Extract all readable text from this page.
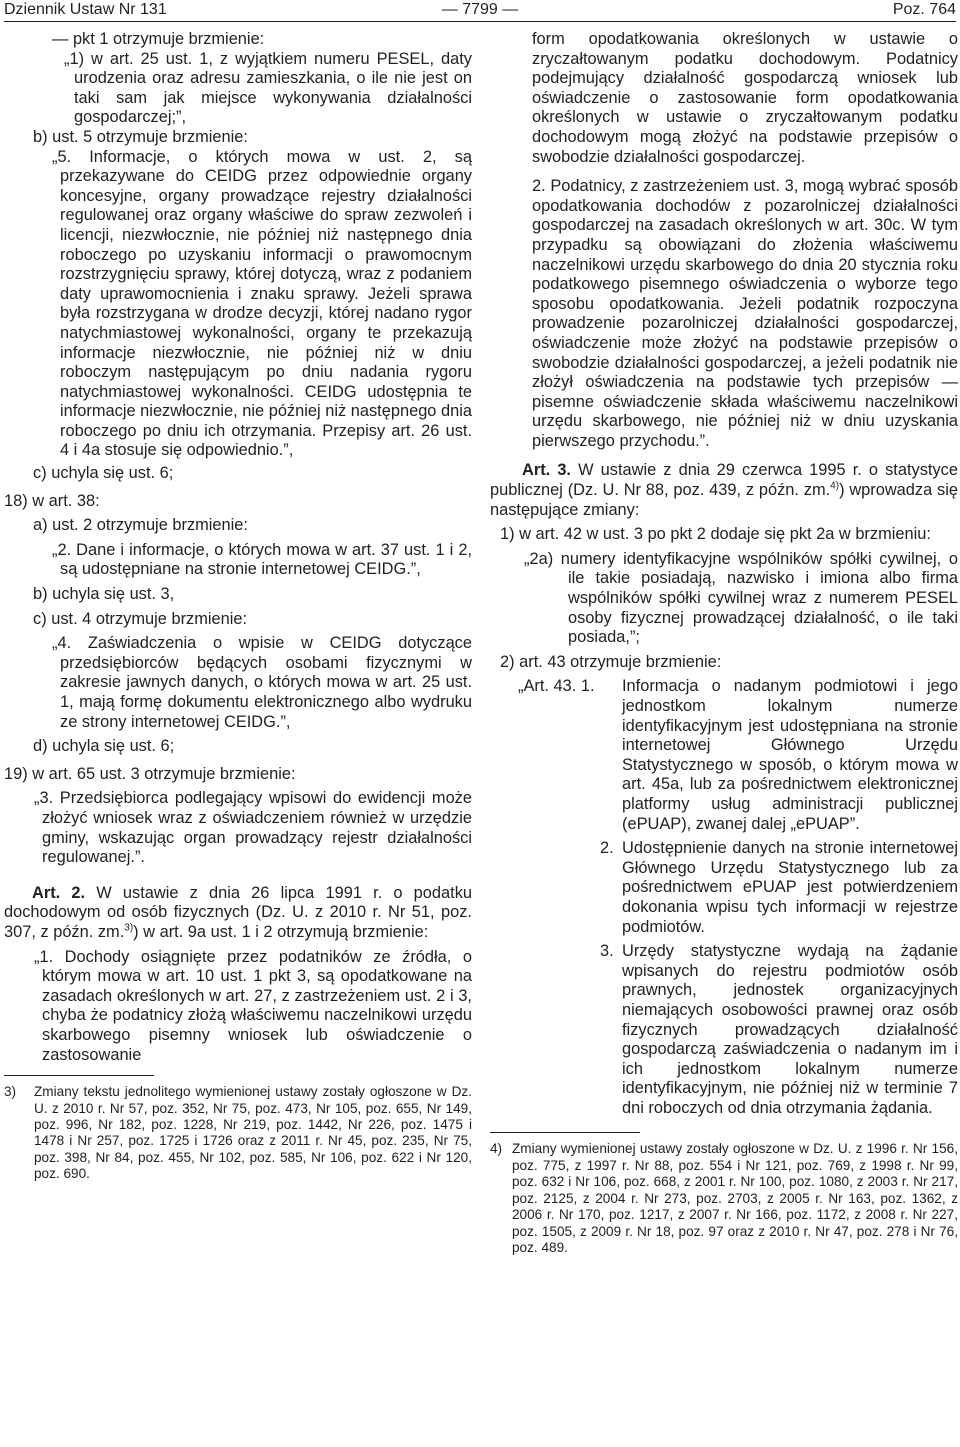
Dziennik Ustaw Nr 131	— 7799 —	Poz. 764

— pkt 1 otrzymuje brzmienie:

„1) w art. 25 ust. 1, z wyjątkiem numeru PESEL, daty urodzenia oraz adresu zamieszkania, o ile nie jest on taki sam jak miejsce wykonywania działalności gospodarczej;”,

b) ust. 5 otrzymuje brzmienie:

„5. Informacje, o których mowa w ust. 2, są przekazywane do CEIDG przez odpowiednie organy koncesyjne, organy prowadzące rejestry działalności regulowanej oraz organy właściwe do spraw zezwoleń i licencji, niezwłocznie, nie później niż następnego dnia roboczego po uzyskaniu informacji o prawomocnym rozstrzygnięciu sprawy, której dotyczą, wraz z podaniem daty uprawomocnienia i znaku sprawy. Jeżeli sprawa była rozstrzygana w drodze decyzji, której nadano rygor natychmiastowej wykonalności, organy te przekazują informacje niezwłocznie, nie później niż w dniu roboczym następującym po dniu nadania rygoru natychmiastowej wykonalności. CEIDG udostępnia te informacje niezwłocznie, nie później niż następnego dnia roboczego po dniu ich otrzymania. Przepisy art. 26 ust. 4 i 4a stosuje się odpowiednio.”,

c) uchyla się ust. 6;

18) w art. 38:

a) ust. 2 otrzymuje brzmienie:

„2. Dane i informacje, o których mowa w art. 37 ust. 1 i 2, są udostępniane na stronie internetowej CEIDG.”,

b) uchyla się ust. 3,

c) ust. 4 otrzymuje brzmienie:

„4. Zaświadczenia o wpisie w CEIDG dotyczące przedsiębiorców będących osobami fizycznymi w zakresie jawnych danych, o których mowa w art. 25 ust. 1, mają formę dokumentu elektronicznego albo wydruku ze strony internetowej CEIDG.”,

d) uchyla się ust. 6;

19) w art. 65 ust. 3 otrzymuje brzmienie:

„3. Przedsiębiorca podlegający wpisowi do ewidencji może złożyć wniosek wraz z oświadczeniem również w urzędzie gminy, wskazując organ prowadzący rejestr działalności regulowanej.”.

Art. 2. W ustawie z dnia 26 lipca 1991 r. o podatku dochodowym od osób fizycznych (Dz. U. z 2010 r. Nr 51, poz. 307, z późn. zm.$^{3)}$) w art. 9a ust. 1 i 2 otrzymują brzmienie:

„1. Dochody osiągnięte przez podatników ze źródła, o którym mowa w art. 10 ust. 1 pkt 3, są opodatkowane na zasadach określonych w art. 27, z zastrzeżeniem ust. 2 i 3, chyba że podatnicy złożą właściwemu naczelnikowi urzędu skarbowego pisemny wniosek lub oświadczenie o zastosowanie

3) Zmiany tekstu jednolitego wymienionej ustawy zostały ogłoszone w Dz. U. z 2010 r. Nr 57, poz. 352, Nr 75, poz. 473, Nr 105, poz. 655, Nr 149, poz. 996, Nr 182, poz. 1228, Nr 219, poz. 1442, Nr 226, poz. 1475 i 1478 i Nr 257, poz. 1725 i 1726 oraz z 2011 r. Nr 45, poz. 235, Nr 75, poz. 398, Nr 84, poz. 455, Nr 102, poz. 585, Nr 106, poz. 622 i Nr 120, poz. 690.

form opodatkowania określonych w ustawie o zryczałtowanym podatku dochodowym. Podatnicy podejmujący działalność gospodarczą wniosek lub oświadczenie o zastosowanie form opodatkowania określonych w ustawie o zryczałtowanym podatku dochodowym mogą złożyć na podstawie przepisów o swobodzie działalności gospodarczej.

2. Podatnicy, z zastrzeżeniem ust. 3, mogą wybrać sposób opodatkowania dochodów z pozarolniczej działalności gospodarczej na zasadach określonych w art. 30c. W tym przypadku są obowiązani do złożenia właściwemu naczelnikowi urzędu skarbowego do dnia 20 stycznia roku podatkowego pisemnego oświadczenia o wyborze tego sposobu opodatkowania. Jeżeli podatnik rozpoczyna prowadzenie pozarolniczej działalności gospodarczej, oświadczenie może złożyć na podstawie przepisów o swobodzie działalności gospodarczej, a jeżeli podatnik nie złożył oświadczenia na podstawie tych przepisów — pisemne oświadczenie składa właściwemu naczelnikowi urzędu skarbowego, nie później niż w dniu uzyskania pierwszego przychodu.”.

Art. 3. W ustawie z dnia 29 czerwca 1995 r. o statystyce publicznej (Dz. U. Nr 88, poz. 439, z późn. zm.$^{4)}$) wprowadza się następujące zmiany:

1) w art. 42 w ust. 3 po pkt 2 dodaje się pkt 2a w brzmieniu:

„2a) numery identyfikacyjne wspólników spółki cywilnej, o ile takie posiadają, nazwisko i imiona albo firma wspólników spółki cywilnej wraz z numerem PESEL osoby fizycznej prowadzącej działalność, o ile taki posiada,”;

2) art. 43 otrzymuje brzmienie:

„Art. 43. 1. Informacja o nadanym podmiotowi i jego jednostkom lokalnym numerze identyfikacyjnym jest udostępniana na stronie internetowej Głównego Urzędu Statystycznego w sposób, o którym mowa w art. 45a, lub za pośrednictwem elektronicznej platformy usług administracji publicznej (ePUAP), zwanej dalej „ePUAP”.

2. Udostępnienie danych na stronie internetowej Głównego Urzędu Statystycznego lub za pośrednictwem ePUAP jest potwierdzeniem dokonania wpisu tych informacji w rejestrze podmiotów.

3. Urzędy statystyczne wydają na żądanie wpisanych do rejestru podmiotów osób prawnych, jednostek organizacyjnych niemających osobowości prawnej oraz osób fizycznych prowadzących działalność gospodarczą zaświadczenia o nadanym im i ich jednostkom lokalnym numerze identyfikacyjnym, nie później niż w terminie 7 dni roboczych od dnia otrzymania żądania.

4) Zmiany wymienionej ustawy zostały ogłoszone w Dz. U. z 1996 r. Nr 156, poz. 775, z 1997 r. Nr 88, poz. 554 i Nr 121, poz. 769, z 1998 r. Nr 99, poz. 632 i Nr 106, poz. 668, z 2001 r. Nr 100, poz. 1080, z 2003 r. Nr 217, poz. 2125, z 2004 r. Nr 273, poz. 2703, z 2005 r. Nr 163, poz. 1362, z 2006 r. Nr 170, poz. 1217, z 2007 r. Nr 166, poz. 1172, z 2008 r. Nr 227, poz. 1505, z 2009 r. Nr 18, poz. 97 oraz z 2010 r. Nr 47, poz. 278 i Nr 76, poz. 489.
